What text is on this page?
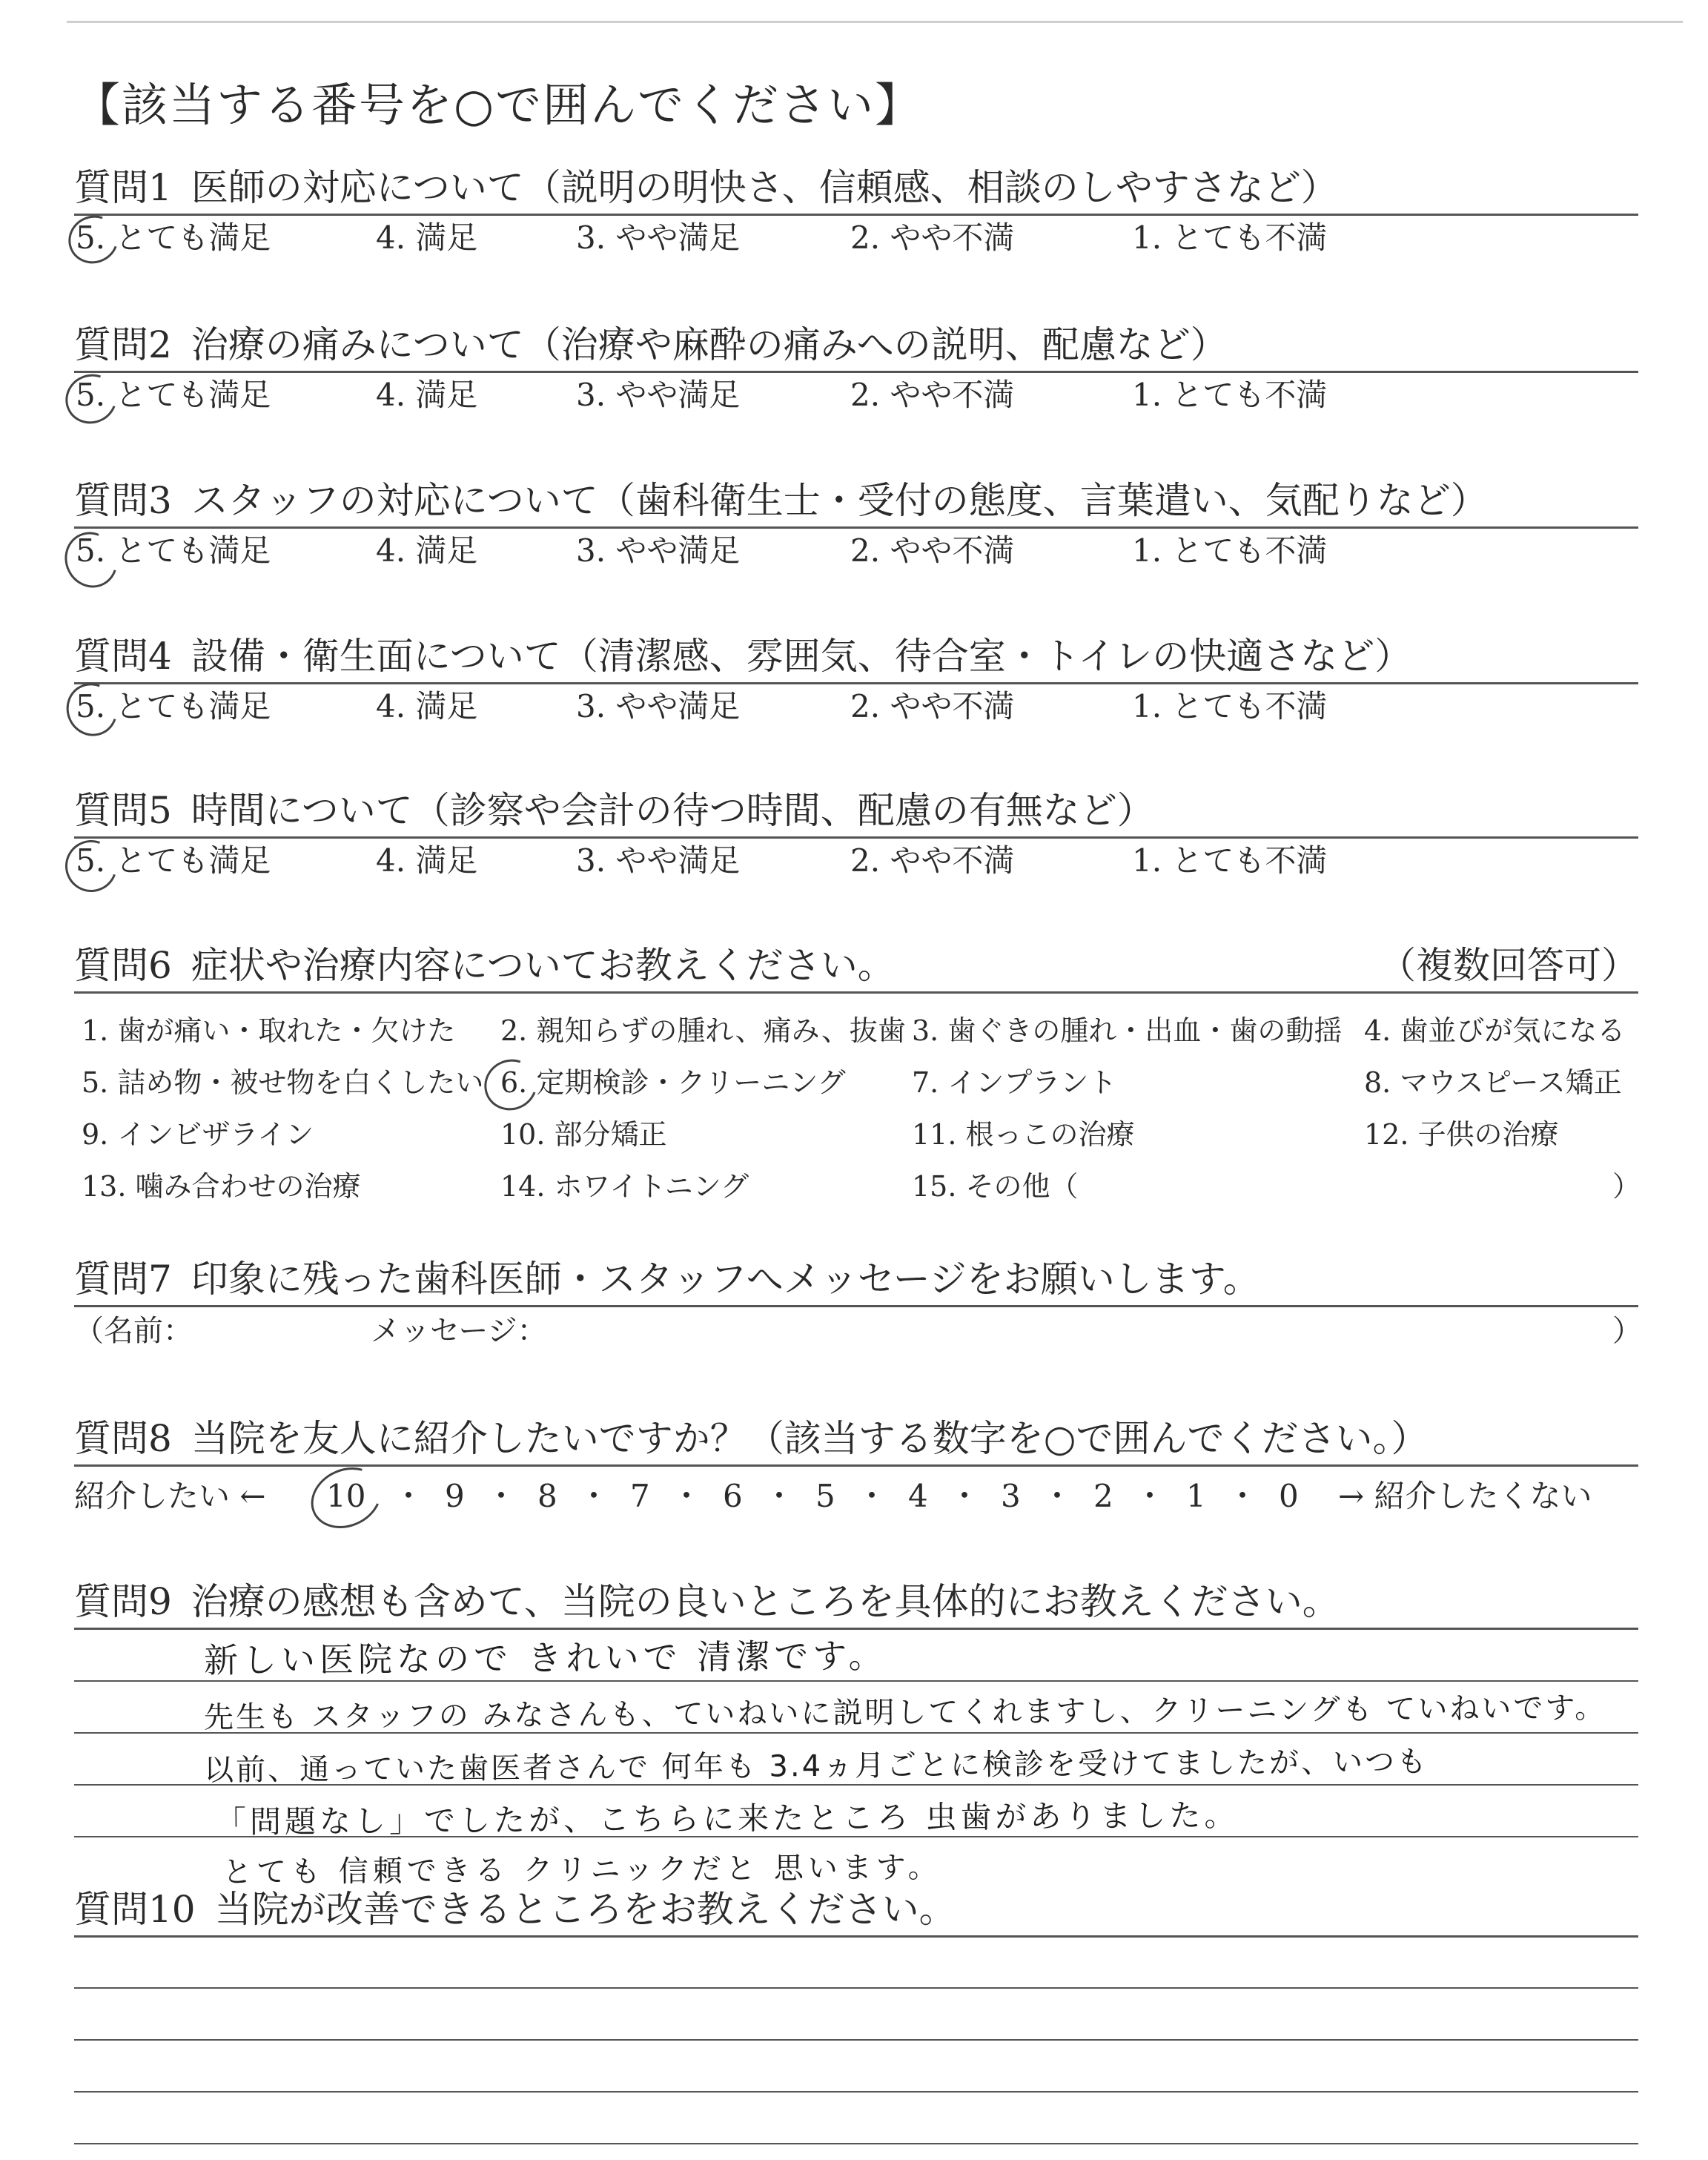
【該当する番号を○で囲んでください】
質問1 医師の対応について（説明の明快さ、信頼感、相談のしやすさなど）
5. とても満足	4. 満足	3. やや満足	2. やや不満	1. とても不満
質問2 治療の痛みについて（治療や麻酔の痛みへの説明、配慮など）
5. とても満足	4. 満足	3. やや満足	2. やや不満	1. とても不満
質問3 スタッフの対応について（歯科衛生士・受付の態度、言葉遣い、気配りなど）
5. とても満足	4. 満足	3. やや満足	2. やや不満	1. とても不満
質問4 設備・衛生面について（清潔感、雰囲気、待合室・トイレの快適さなど）
5. とても満足	4. 満足	3. やや満足	2. やや不満	1. とても不満
質問5 時間について（診察や会計の待つ時間、配慮の有無など）
5. とても満足	4. 満足	3. やや満足	2. やや不満	1. とても不満
質問6 症状や治療内容についてお教えください。	（複数回答可）
1. 歯が痛い・取れた・欠けた 2. 親知らずの腫れ、痛み、抜歯 3. 歯ぐきの腫れ・出血・歯の動揺 4. 歯並びが気になる
5. 詰め物・被せ物を白くしたい 6. 定期検診・クリーニング 7. インプラント	8. マウスピース矯正
9. インビザライン	10. 部分矯正	11. 根っこの治療	12. 子供の治療
13. 噛み合わせの治療	14. ホワイトニング	15. その他（	）
質問7 印象に残った歯科医師・スタッフへメッセージをお願いします。
（名前：	メッセージ：	）
質問8 当院を友人に紹介したいですか？（該当する数字を○で囲んでください。）
紹介したい ← 10 ・ 9 ・ 8 ・ 7 ・ 6 ・ 5 ・ 4 ・ 3 ・ 2 ・ 1 ・ 0 → 紹介したくない
質問9 治療の感想も含めて、当院の良いところを具体的にお教えください。
新しい医院なので きれいで 清潔です。
先生も スタッフの みなさんも、ていねいに説明してくれますし、クリーニングも ていねいです。
以前、通っていた歯医者さんで 何年も 3.4ヵ月ごとに検診を受けてましたが、いつも
「問題なし」でしたが、こちらに来たところ 虫歯がありました。
とても 信頼できる クリニックだと 思います。
質問10 当院が改善できるところをお教えください。
